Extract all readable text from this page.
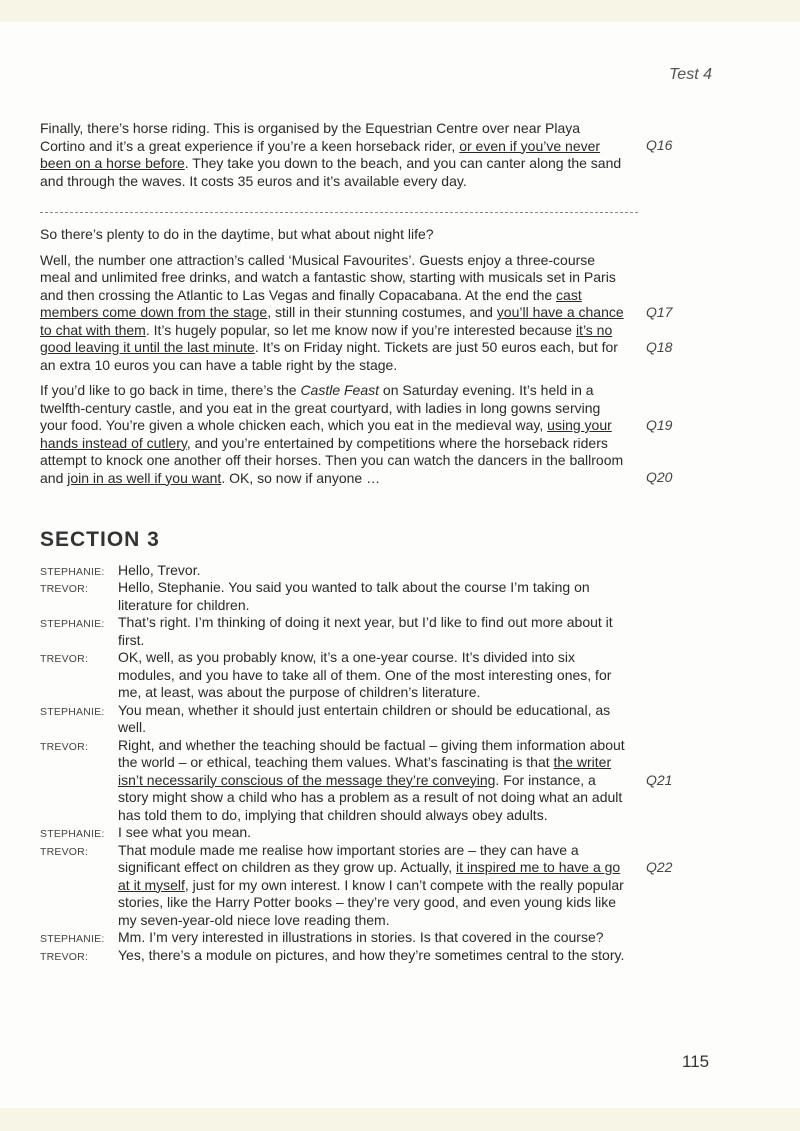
Test 4

Finally, there’s horse riding. This is organised by the Equestrian Centre over near Playa Cortino and it’s a great experience if you’re a keen horseback rider, or even if you’ve never been on a horse before. They take you down to the beach, and you can canter along the sand and through the waves. It costs 35 euros and it’s available every day.
Q16

So there’s plenty to do in the daytime, but what about night life?

Well, the number one attraction’s called ‘Musical Favourites’. Guests enjoy a three-course meal and unlimited free drinks, and watch a fantastic show, starting with musicals set in Paris and then crossing the Atlantic to Las Vegas and finally Copacabana. At the end the cast members come down from the stage, still in their stunning costumes, and you’ll have a chance to chat with them. It’s hugely popular, so let me know now if you’re interested because it’s no good leaving it until the last minute. It’s on Friday night. Tickets are just 50 euros each, but for an extra 10 euros you can have a table right by the stage.
Q17
Q18

If you’d like to go back in time, there’s the Castle Feast on Saturday evening. It’s held in a twelfth-century castle, and you eat in the great courtyard, with ladies in long gowns serving your food. You’re given a whole chicken each, which you eat in the medieval way, using your hands instead of cutlery, and you’re entertained by competitions where the horseback riders attempt to knock one another off their horses. Then you can watch the dancers in the ballroom and join in as well if you want. OK, so now if anyone …
Q19
Q20

SECTION 3
STEPHANIE: Hello, Trevor.
TREVOR: Hello, Stephanie. You said you wanted to talk about the course I’m taking on literature for children.
STEPHANIE: That’s right. I’m thinking of doing it next year, but I’d like to find out more about it first.
TREVOR: OK, well, as you probably know, it’s a one-year course. It’s divided into six modules, and you have to take all of them. One of the most interesting ones, for me, at least, was about the purpose of children’s literature.
STEPHANIE: You mean, whether it should just entertain children or should be educational, as well.
TREVOR: Right, and whether the teaching should be factual – giving them information about the world – or ethical, teaching them values. What’s fascinating is that the writer isn’t necessarily conscious of the message they’re conveying. For instance, a story might show a child who has a problem as a result of not doing what an adult has told them to do, implying that children should always obey adults.
Q21
STEPHANIE: I see what you mean.
TREVOR: That module made me realise how important stories are – they can have a significant effect on children as they grow up. Actually, it inspired me to have a go at it myself, just for my own interest. I know I can’t compete with the really popular stories, like the Harry Potter books – they’re very good, and even young kids like my seven-year-old niece love reading them.
Q22
STEPHANIE: Mm. I’m very interested in illustrations in stories. Is that covered in the course?
TREVOR: Yes, there’s a module on pictures, and how they’re sometimes central to the story.
115
